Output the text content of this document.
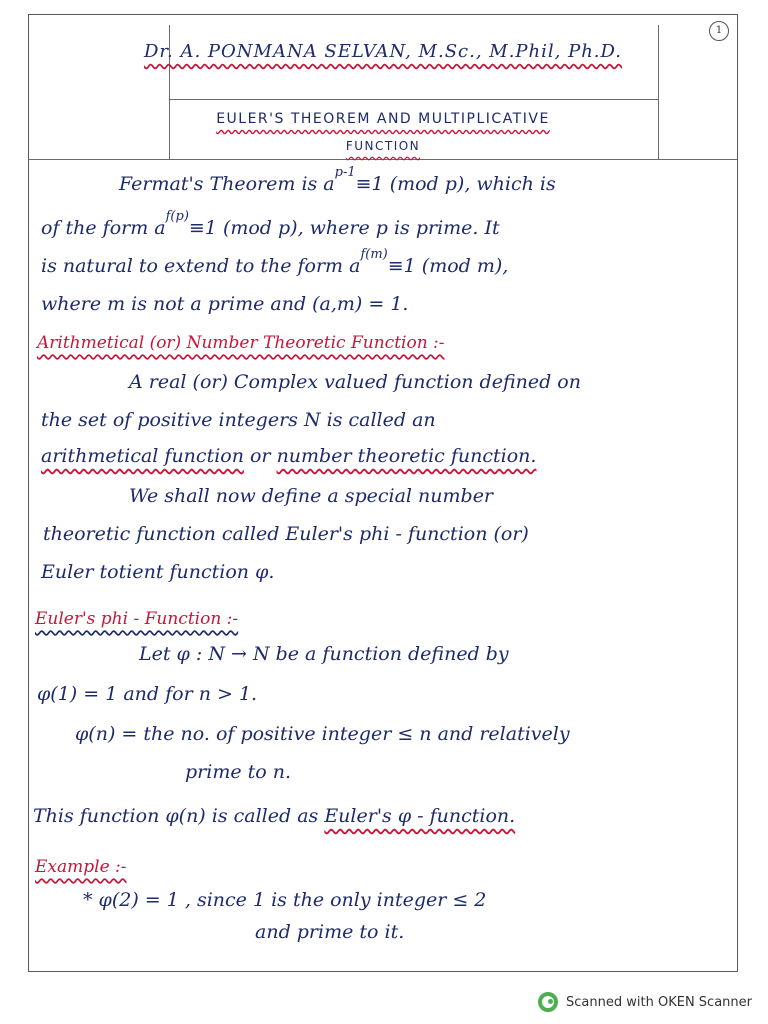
1
Dr. A. PONMANA SELVAN, M.Sc., M.Phil, Ph.D.
EULER'S THEOREM AND MULTIPLICATIVE
FUNCTION
Fermat's Theorem is $a^{p-1}\equiv 1$ (mod p), which is
of the form $a^{f(p)}\equiv 1$ (mod p), where p is prime. It
is natural to extend to the form $a^{f(m)}\equiv 1$ (mod m),
where m is not a prime and (a,m) = 1.
Arithmetical (or) Number Theoretic Function :-
A real (or) Complex valued function defined on
the set of positive integers N is called an
arithmetical function or number theoretic function.
We shall now define a special number
theoretic function called Euler's phi - function (or)
Euler totient function φ.
Euler's phi - Function :-
Let φ : N → N be a function defined by
φ(1) = 1 and for n > 1.
φ(n) = the no. of positive integer ≤ n and relatively
prime to n.
This function φ(n) is called as Euler's φ - function.
Example :-
* φ(2) = 1 , since 1 is the only integer ≤ 2
and prime to it.
Scanned with OKEN Scanner
